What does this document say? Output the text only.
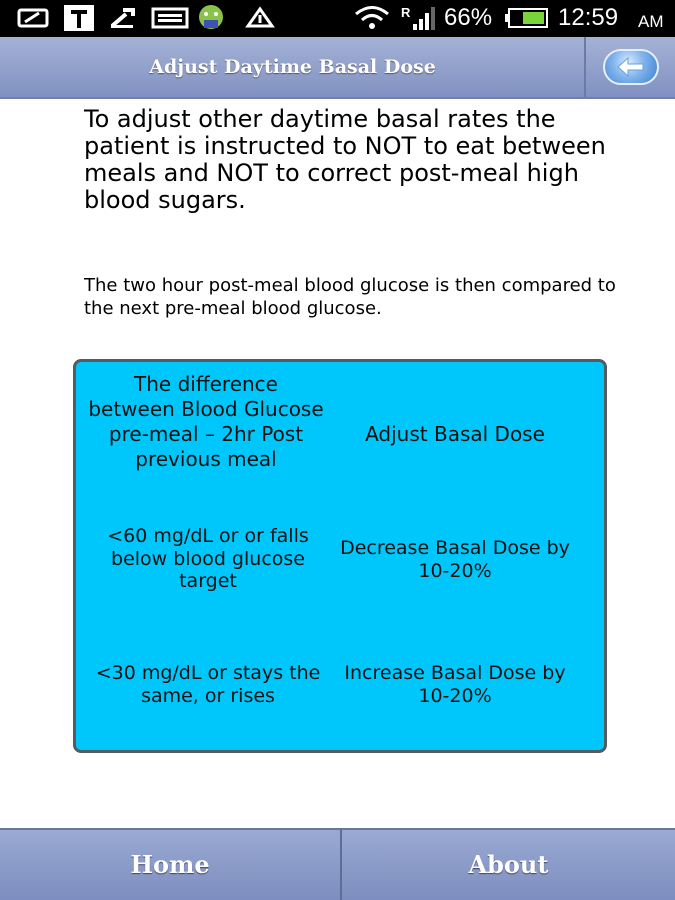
R 66%	12:59 AM
Adjust Daytime Basal Dose

To adjust other daytime basal rates the patient is instructed to NOT to eat between meals and NOT to correct post-meal high blood sugars.

The two hour post-meal blood glucose is then compared to the next pre-meal blood glucose.

The difference between Blood Glucose pre-meal – 2hr Post previous meal
Adjust Basal Dose
<60 mg/dL or or falls below blood glucose target
Decrease Basal Dose by 10-20%
<30 mg/dL or stays the same, or rises
Increase Basal Dose by 10-20%
Home	About
